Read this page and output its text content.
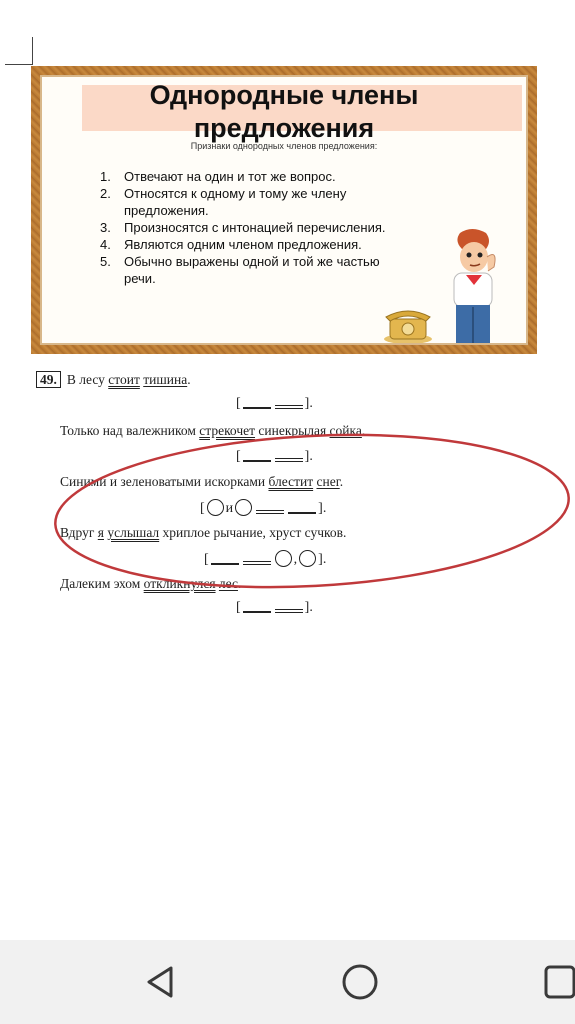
Однородные члены
предложения
Признаки однородных членов предложения:
1. Отвечают на один и тот же вопрос.
2. Относятся к одному и тому же члену
предложения.
3. Произносятся с интонацией перечисления.
4. Являются одним членом предложения.
5. Обычно выражены одной и той же частью
речи.
49. В лесу стоит тишина.
[	].
Только над валежником стрекочет синекрылая сойка.
[	].
Синими и зеленоватыми искорками блестит снег.
[ и	].
Вдруг я услышал хриплое рычание, хруст сучков.
[	, ].
Далеким эхом откликнулся лес.
[	].
